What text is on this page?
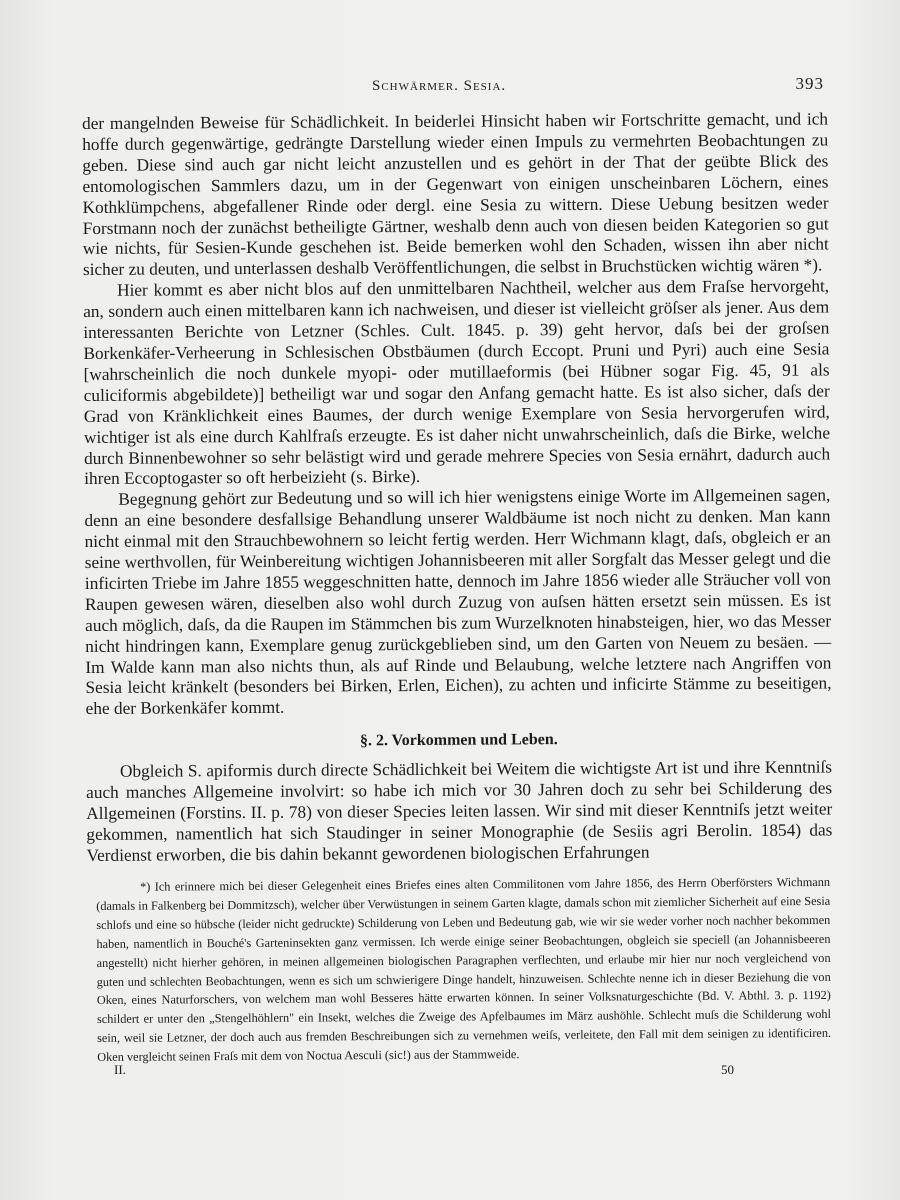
Schwärmer. Sesia.	393

der mangelnden Beweise für Schädlichkeit. In beiderlei Hinsicht haben wir Fortschritte gemacht, und ich hoffe durch gegenwärtige, gedrängte Darstellung wieder einen Impuls zu vermehrten Beobachtungen zu geben. Diese sind auch gar nicht leicht anzustellen und es gehört in der That der geübte Blick des entomologischen Sammlers dazu, um in der Gegenwart von einigen unscheinbaren Löchern, eines Kothklümpchens, abgefallener Rinde oder dergl. eine Sesia zu wittern. Diese Uebung besitzen weder Forstmann noch der zunächst betheiligte Gärtner, weshalb denn auch von diesen beiden Kategorien so gut wie nichts, für Sesien-Kunde geschehen ist. Beide bemerken wohl den Schaden, wissen ihn aber nicht sicher zu deuten, und unterlassen deshalb Veröffentlichungen, die selbst in Bruchstücken wichtig wären *).

Hier kommt es aber nicht blos auf den unmittelbaren Nachtheil, welcher aus dem Fraſse hervorgeht, an, sondern auch einen mittelbaren kann ich nachweisen, und dieser ist vielleicht gröſser als jener. Aus dem interessanten Berichte von Letzner (Schles. Cult. 1845. p. 39) geht hervor, daſs bei der groſsen Borkenkäfer-Verheerung in Schlesischen Obstbäumen (durch Eccopt. Pruni und Pyri) auch eine Sesia [wahrscheinlich die noch dunkele myopi- oder mutillaeformis (bei Hübner sogar Fig. 45, 91 als culiciformis abgebildete)] betheiligt war und sogar den Anfang gemacht hatte. Es ist also sicher, daſs der Grad von Kränklichkeit eines Baumes, der durch wenige Exemplare von Sesia hervorgerufen wird, wichtiger ist als eine durch Kahlfraſs erzeugte. Es ist daher nicht unwahrscheinlich, daſs die Birke, welche durch Binnenbewohner so sehr belästigt wird und gerade mehrere Species von Sesia ernährt, dadurch auch ihren Eccoptogaster so oft herbeizieht (s. Birke).

Begegnung gehört zur Bedeutung und so will ich hier wenigstens einige Worte im Allgemeinen sagen, denn an eine besondere desfallsige Behandlung unserer Waldbäume ist noch nicht zu denken. Man kann nicht einmal mit den Strauchbewohnern so leicht fertig werden. Herr Wichmann klagt, daſs, obgleich er an seine werthvollen, für Weinbereitung wichtigen Johannisbeeren mit aller Sorgfalt das Messer gelegt und die inficirten Triebe im Jahre 1855 weggeschnitten hatte, dennoch im Jahre 1856 wieder alle Sträucher voll von Raupen gewesen wären, dieselben also wohl durch Zuzug von auſsen hätten ersetzt sein müssen. Es ist auch möglich, daſs, da die Raupen im Stämmchen bis zum Wurzelknoten hinabsteigen, hier, wo das Messer nicht hindringen kann, Exemplare genug zurückgeblieben sind, um den Garten von Neuem zu besäen. — Im Walde kann man also nichts thun, als auf Rinde und Belaubung, welche letztere nach Angriffen von Sesia leicht kränkelt (besonders bei Birken, Erlen, Eichen), zu achten und inficirte Stämme zu beseitigen, ehe der Borkenkäfer kommt.

§. 2. Vorkommen und Leben.

Obgleich S. apiformis durch directe Schädlichkeit bei Weitem die wichtigste Art ist und ihre Kenntniſs auch manches Allgemeine involvirt: so habe ich mich vor 30 Jahren doch zu sehr bei Schilderung des Allgemeinen (Forstins. II. p. 78) von dieser Species leiten lassen. Wir sind mit dieser Kenntniſs jetzt weiter gekommen, namentlich hat sich Staudinger in seiner Monographie (de Sesiis agri Berolin. 1854) das Verdienst erworben, die bis dahin bekannt gewordenen biologischen Erfahrungen

*) Ich erinnere mich bei dieser Gelegenheit eines Briefes eines alten Commilitonen vom Jahre 1856, des Herrn Oberförsters Wichmann (damals in Falkenberg bei Dommitzsch), welcher über Verwüstungen in seinem Garten klagte, damals schon mit ziemlicher Sicherheit auf eine Sesia schlofs und eine so hübsche (leider nicht gedruckte) Schilderung von Leben und Bedeutung gab, wie wir sie weder vorher noch nachher bekommen haben, namentlich in Bouché's Garteninsekten ganz vermissen. Ich werde einige seiner Beobachtungen, obgleich sie speciell (an Johannisbeeren angestellt) nicht hierher gehören, in meinen allgemeinen biologischen Paragraphen verflechten, und erlaube mir hier nur noch vergleichend von guten und schlechten Beobachtungen, wenn es sich um schwierigere Dinge handelt, hinzuweisen. Schlechte nenne ich in dieser Beziehung die von Oken, eines Naturforschers, von welchem man wohl Besseres hätte erwarten können. In seiner Volksnaturgeschichte (Bd. V. Abthl. 3. p. 1192) schildert er unter den „Stengelhöhlern" ein Insekt, welches die Zweige des Apfelbaumes im März aushöhle. Schlecht muſs die Schilderung wohl sein, weil sie Letzner, der doch auch aus fremden Beschreibungen sich zu vernehmen weiſs, verleitete, den Fall mit dem seinigen zu identificiren. Oken vergleicht seinen Fraſs mit dem von Noctua Aesculi (sic!) aus der Stammweide.

II.	50
